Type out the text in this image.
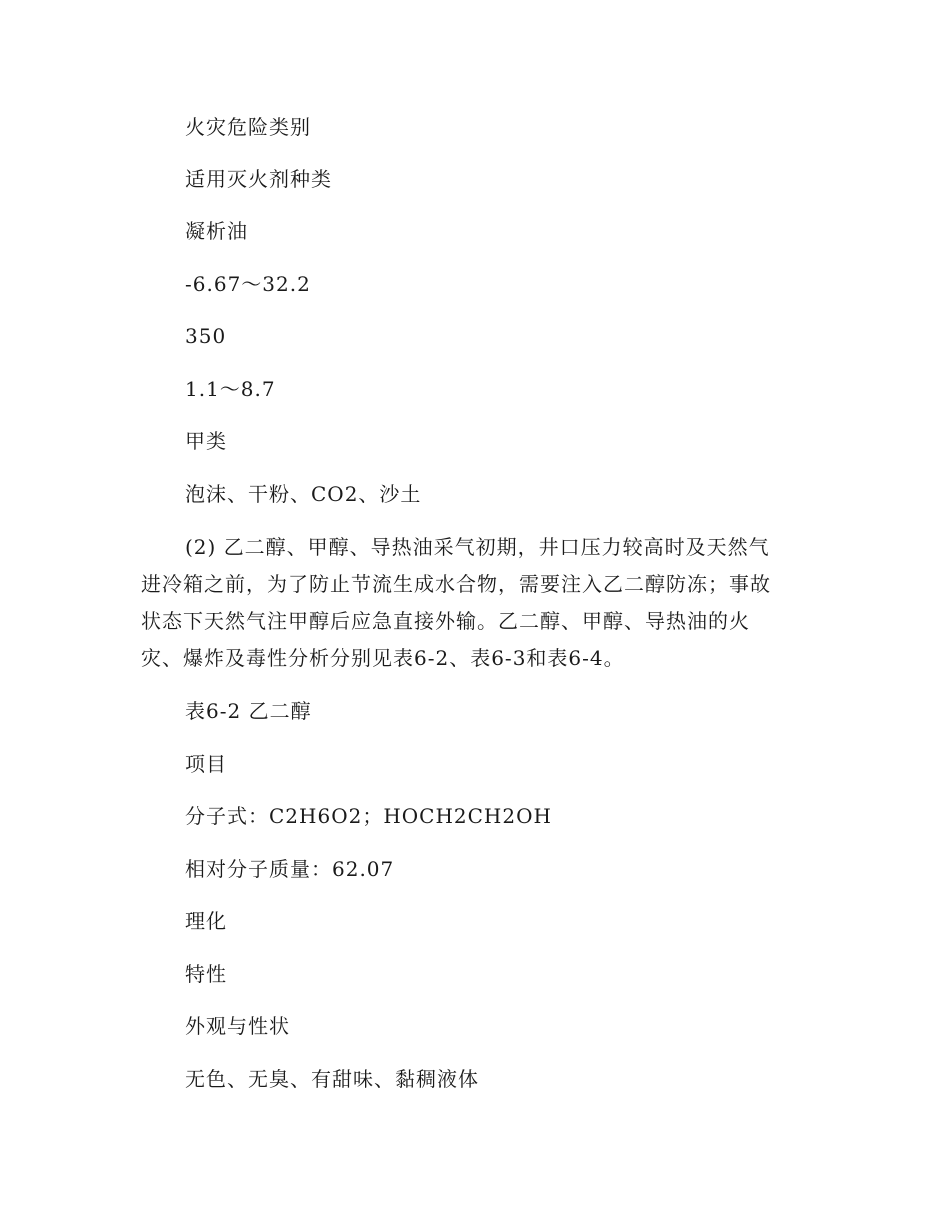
火灾危险类别
适用灭火剂种类
凝析油
-6.67～32.2
350
1.1～8.7
甲类
泡沫、干粉、CO2、沙土
(2) 乙二醇、甲醇、导热油采气初期，井口压力较高时及天然气
进冷箱之前，为了防止节流生成水合物，需要注入乙二醇防冻；事故
状态下天然气注甲醇后应急直接外输。乙二醇、甲醇、导热油的火
灾、爆炸及毒性分析分别见表6-2、表6-3和表6-4。
表6-2 乙二醇
项目
分子式：C2H6O2；HOCH2CH2OH
相对分子质量：62.07
理化
特性
外观与性状
无色、无臭、有甜味、黏稠液体
